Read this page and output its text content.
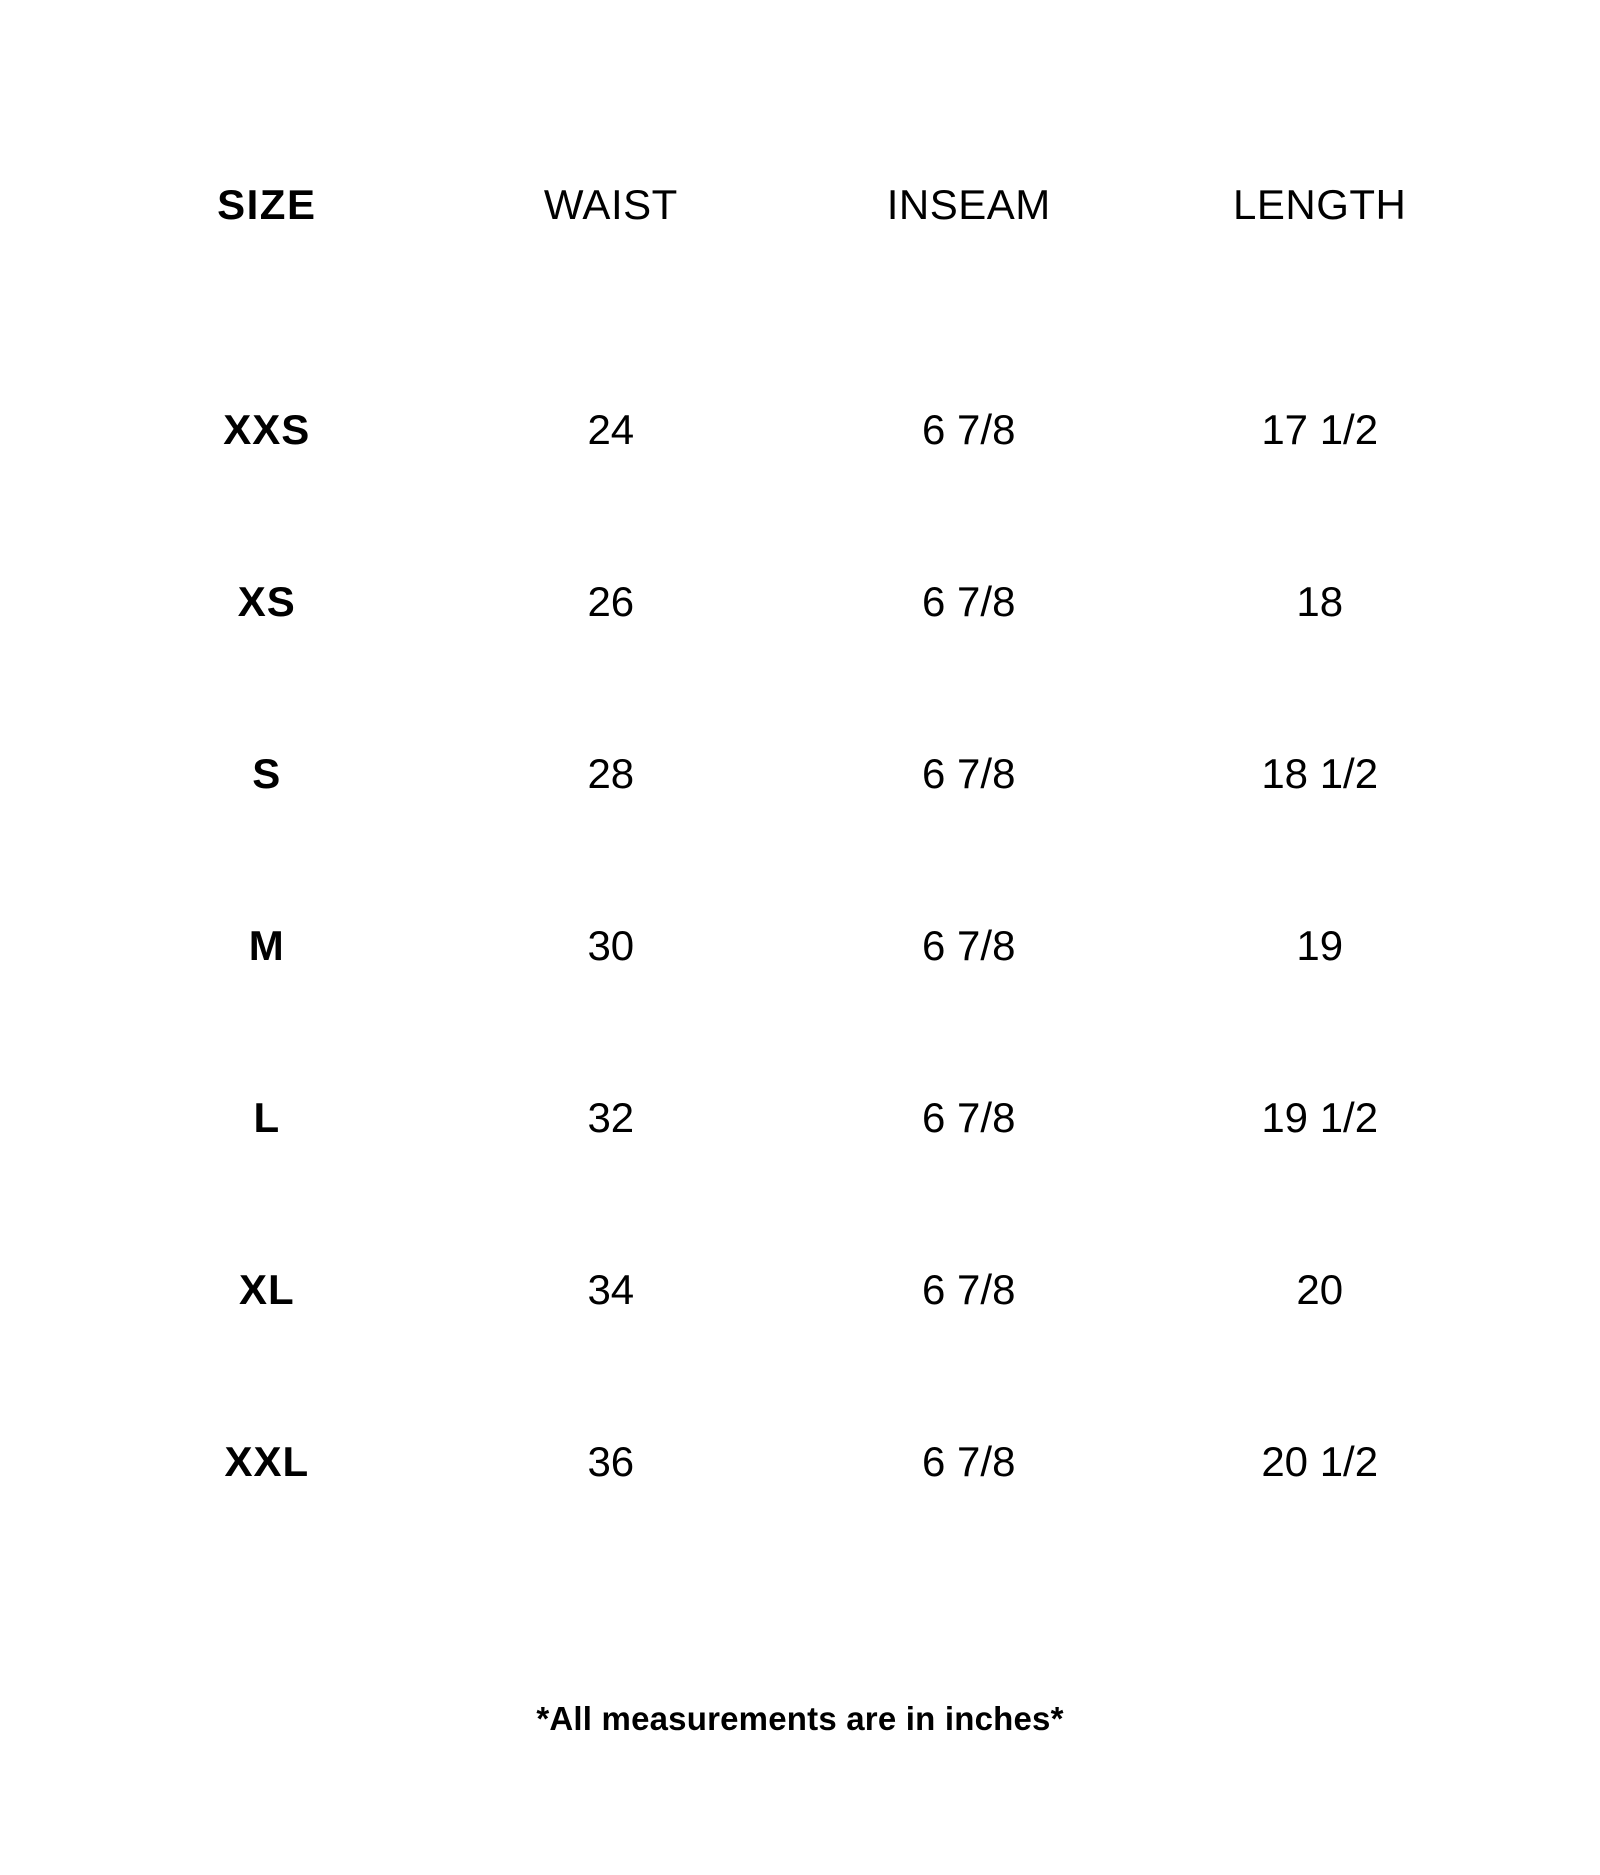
SIZE	WAIST	INSEAM	LENGTH

XXS	24	6 7/8	17 1/2
XS	26	6 7/8	18
S	28	6 7/8	18 1/2
M	30	6 7/8	19
L	32	6 7/8	19 1/2
XL	34	6 7/8	20
XXL	36	6 7/8	20 1/2
*All measurements are in inches*
